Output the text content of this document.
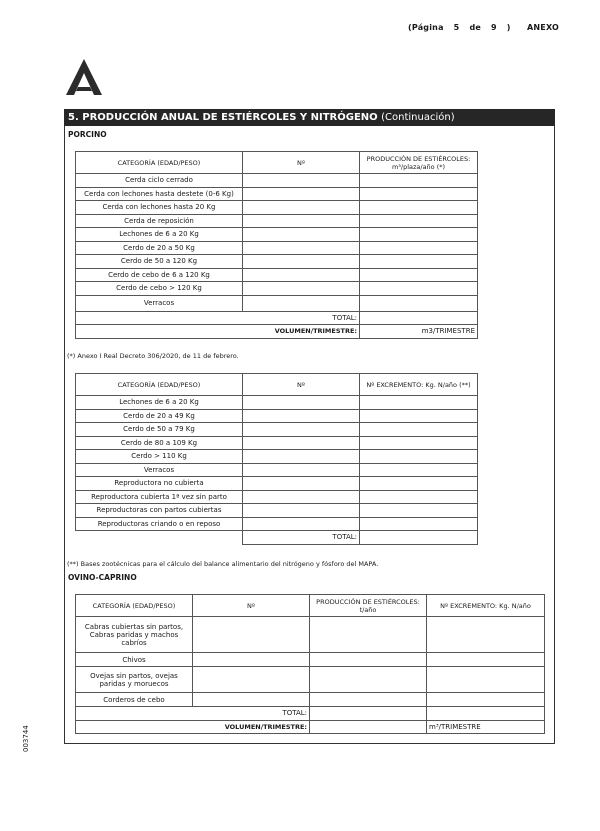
(Página 5 de 9 )	ANEXO
5. PRODUCCIÓN ANUAL DE ESTIÉRCOLES Y NITRÓGENO (Continuación)
PORCINO
CATEGORÍA (EDAD/PESO)	Nº	PRODUCCIÓN DE ESTIÉRCOLES: m³/plaza/año (*)
Cerda ciclo cerrado		
Cerda con lechones hasta destete (0-6 Kg)		
Cerda con lechones hasta 20 Kg		
Cerda de reposición		
Lechones de 6 a 20 Kg		
Cerdo de 20 a 50 Kg		
Cerdo de 50 a 120 Kg		
Cerdo de cebo de 6 a 120 Kg		
Cerdo de cebo > 120 Kg		
Verracos		
TOTAL:		
VOLUMEN/TRIMESTRE:		m3/TRIMESTRE
(*) Anexo I Real Decreto 306/2020, de 11 de febrero.
CATEGORÍA (EDAD/PESO)	Nº	Nº EXCREMENTO: Kg. N/año (**)
Lechones de 6 a 20 Kg		
Cerdo de 20 a 49 Kg		
Cerdo de 50 a 79 Kg		
Cerdo de 80 a 109 Kg		
Cerdo > 110 Kg		
Verracos		
Reproductora no cubierta		
Reproductora cubierta 1ª vez sin parto		
Reproductoras con partos cubiertas		
Reproductoras criando o en reposo		
	TOTAL:	
(**) Bases zootécnicas para el cálculo del balance alimentario del nitrógeno y fósforo del MAPA.
OVINO-CAPRINO
CATEGORÍA (EDAD/PESO)	Nº	PRODUCCIÓN DE ESTIÉRCOLES: t/año	Nº EXCREMENTO: Kg. N/año
Cabras cubiertas sin partos, Cabras paridas y machos cabríos			
Chivos			
Ovejas sin partos, ovejas paridas y moruecos			
Corderos de cebo			
TOTAL:			
VOLUMEN/TRIMESTRE:			m³/TRIMESTRE
003744
